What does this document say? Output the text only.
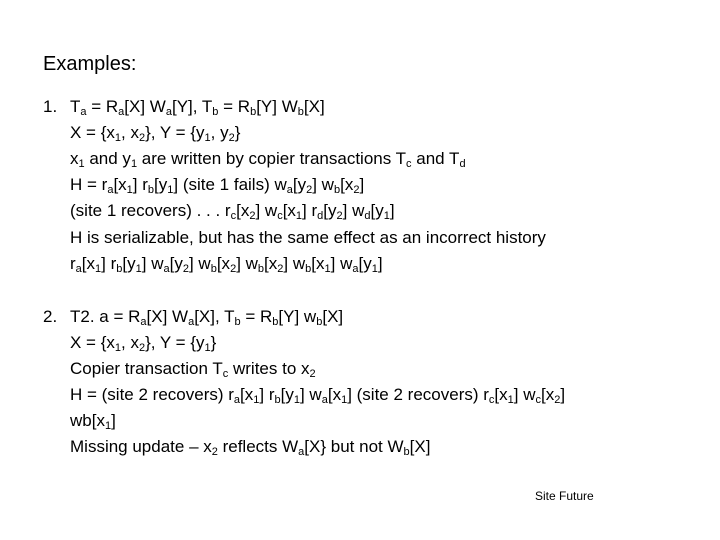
Examples:
1. $T_a = R_a[X]$ $W_a[Y]$, $T_b = R_b[Y]$ $W_b[X]$
$X = \{x_1$, $x_2$}, $Y = \{y_1$, $y_2$}
$x_1$ and $y_1$ are written by copier transactions $T_c$ and $T_d$
$H = r_a[x_1]$ $r_b[y_1]$ (site 1 fails) $w_a[y_2]$ $w_b[x_2]$
(site 1 recovers) . . . $r_c[x_2]$ $w_c[x_1]$ $r_d[y_2]$ $w_d[y_1]$
H is serializable, but has the same effect as an incorrect history
$r_a[x_1]$ $r_b[y_1]$ $w_a[y_2]$ $w_b[x_2]$ $w_b[x_2]$ $w_b[x_1]$ $w_a[y_1]$
2. T2. $a = R_a[X]$ $W_a[X]$, $T_b = R_b[Y]$ $w_b[X]$
$X = \{x_1$, $x_2$}, $Y = \{y_1\}$
Copier transaction $T_c$ writes to $x_2$
H = (site 2 recovers) $r_a[x_1]$ $r_b[y_1]$ $w_a[x_1]$ (site 2 recovers) $r_c[x_1]$ $w_c[x_2]$
$wb[x_1]$
Missing update – $x_2$ reflects $W_a[X\}$ but not $W_b[X]$
Site Future
